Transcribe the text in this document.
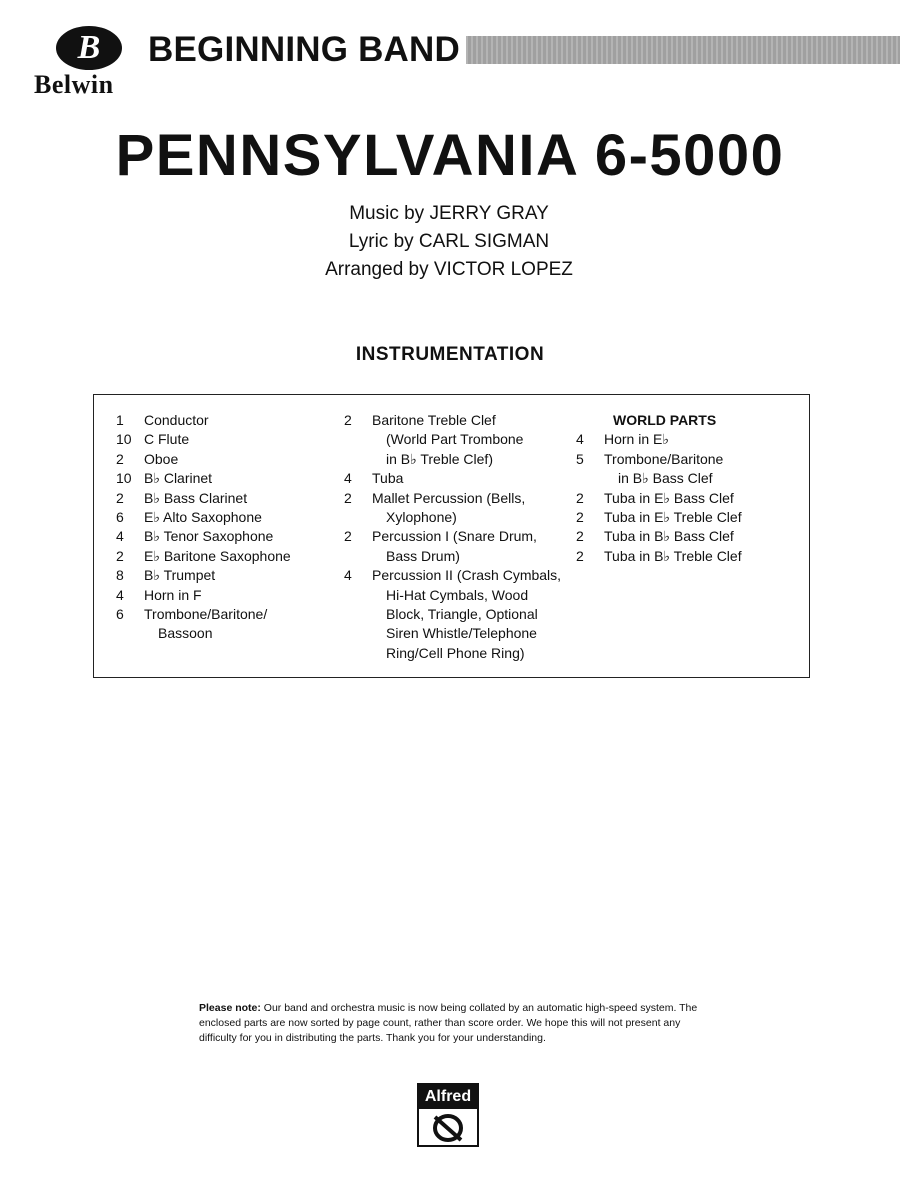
B
Belwin
BEGINNING BAND
PENNSYLVANIA 6-5000
Music by JERRY GRAY
Lyric by CARL SIGMAN
Arranged by VICTOR LOPEZ
INSTRUMENTATION
1	Conductor
10 C Flute
2	Oboe
10 B♭ Clarinet
2	B♭ Bass Clarinet
6	E♭ Alto Saxophone
4	B♭ Tenor Saxophone
2	E♭ Baritone Saxophone
8	B♭ Trumpet
4	Horn in F
6	Trombone/Baritone/
Bassoon
2	Baritone Treble Clef
(World Part Trombone
in B♭ Treble Clef)
4	Tuba
2	Mallet Percussion (Bells,
Xylophone)
2	Percussion I (Snare Drum,
Bass Drum)
4	Percussion II (Crash Cymbals,
Hi-Hat Cymbals, Wood
Block, Triangle, Optional
Siren Whistle/Telephone
Ring/Cell Phone Ring)
WORLD PARTS
4	Horn in E♭
5	Trombone/Baritone
in B♭ Bass Clef
2	Tuba in E♭ Bass Clef
2	Tuba in E♭ Treble Clef
2	Tuba in B♭ Bass Clef
2	Tuba in B♭ Treble Clef
Please note: Our band and orchestra music is now being collated by an automatic high-speed system. The enclosed parts are now sorted by page count, rather than score order. We hope this will not present any difficulty for you in distributing the parts. Thank you for your understanding.
Alfred
